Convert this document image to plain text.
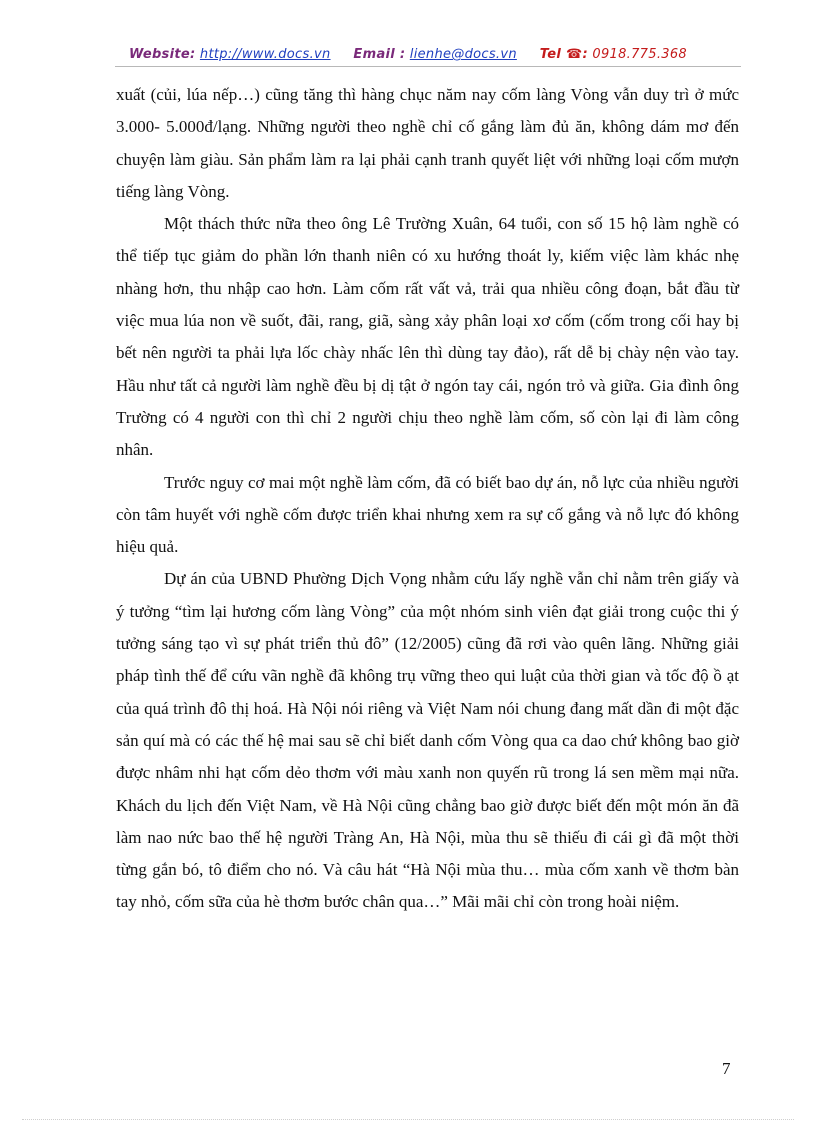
Website: http://www.docs.vn Email : lienhe@docs.vn Tel ☎: 0918.775.368

xuất (củi, lúa nếp…) cũng tăng thì hàng chục năm nay cốm làng Vòng vẫn duy trì ở mức 3.000- 5.000đ/lạng. Những người theo nghề chỉ cố gắng làm đủ ăn, không dám mơ đến chuyện làm giàu. Sản phẩm làm ra lại phải cạnh tranh quyết liệt với những loại cốm mượn tiếng làng Vòng.

Một thách thức nữa theo ông Lê Trường Xuân, 64 tuổi, con số 15 hộ làm nghề có thể tiếp tục giảm do phần lớn thanh niên có xu hướng thoát ly, kiếm việc làm khác nhẹ nhàng hơn, thu nhập cao hơn. Làm cốm rất vất vả, trải qua nhiều công đoạn, bắt đầu từ việc mua lúa non về suốt, đãi, rang, giã, sàng xảy phân loại xơ cốm (cốm trong cối hay bị bết nên người ta phải lựa lốc chày nhấc lên thì dùng tay đảo), rất dễ bị chày nện vào tay. Hầu như tất cả người làm nghề đều bị dị tật ở ngón tay cái, ngón trỏ và giữa. Gia đình ông Trường có 4 người con thì chỉ 2 người chịu theo nghề làm cốm, số còn lại đi làm công nhân.

Trước nguy cơ mai một nghề làm cốm, đã có biết bao dự án, nỗ lực của nhiều người còn tâm huyết với nghề cốm được triển khai nhưng xem ra sự cố gắng và nỗ lực đó không hiệu quả.

Dự án của UBND Phường Dịch Vọng nhằm cứu lấy nghề vẫn chỉ nằm trên giấy và ý tưởng “tìm lại hương cốm làng Vòng” của một nhóm sinh viên đạt giải trong cuộc thi ý tưởng sáng tạo vì sự phát triển thủ đô” (12/2005) cũng đã rơi vào quên lãng. Những giải pháp tình thế để cứu vãn nghề đã không trụ vững theo qui luật của thời gian và tốc độ ồ ạt của quá trình đô thị hoá. Hà Nội nói riêng và Việt Nam nói chung đang mất dần đi một đặc sản quí mà có các thế hệ mai sau sẽ chỉ biết danh cốm Vòng qua ca dao chứ không bao giờ được nhâm nhi hạt cốm dẻo thơm với màu xanh non quyến rũ trong lá sen mềm mại nữa. Khách du lịch đến Việt Nam, về Hà Nội cũng chẳng bao giờ được biết đến một món ăn đã làm nao nức bao thế hệ người Tràng An, Hà Nội, mùa thu sẽ thiếu đi cái gì đã một thời từng gắn bó, tô điểm cho nó. Và câu hát “Hà Nội mùa thu… mùa cốm xanh về thơm bàn tay nhỏ, cốm sữa của hè thơm bước chân qua…” Mãi mãi chỉ còn trong hoài niệm.

7
